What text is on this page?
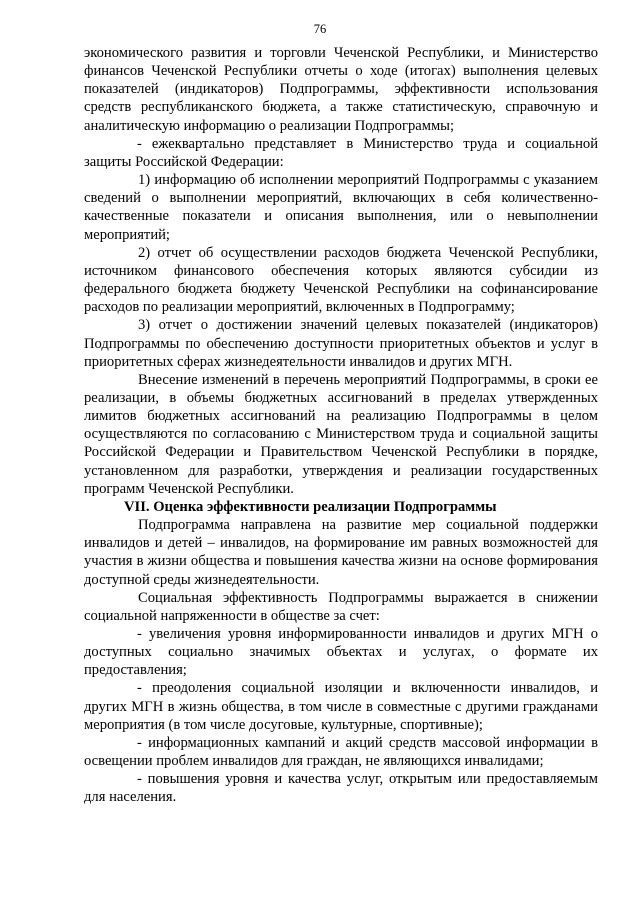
76

экономического развития и торговли Чеченской Республики, и Министерство финансов Чеченской Республики отчеты о ходе (итогах) выполнения целевых показателей (индикаторов) Подпрограммы, эффективности использования средств республиканского бюджета, а также статистическую, справочную и аналитическую информацию о реализации Подпрограммы;

- ежеквартально представляет в Министерство труда и социальной защиты Российской Федерации:

1) информацию об исполнении мероприятий Подпрограммы с указанием сведений о выполнении мероприятий, включающих в себя количественно-качественные показатели и описания выполнения, или о невыполнении мероприятий;

2) отчет об осуществлении расходов бюджета Чеченской Республики, источником финансового обеспечения которых являются субсидии из федерального бюджета бюджету Чеченской Республики на софинансирование расходов по реализации мероприятий, включенных в Подпрограмму;

3) отчет о достижении значений целевых показателей (индикаторов) Подпрограммы по обеспечению доступности приоритетных объектов и услуг в приоритетных сферах жизнедеятельности инвалидов и других МГН.

Внесение изменений в перечень мероприятий Подпрограммы, в сроки ее реализации, в объемы бюджетных ассигнований в пределах утвержденных лимитов бюджетных ассигнований на реализацию Подпрограммы в целом осуществляются по согласованию с Министерством труда и социальной защиты Российской Федерации и Правительством Чеченской Республики в порядке, установленном для разработки, утверждения и реализации государственных программ Чеченской Республики.

VII. Оценка эффективности реализации Подпрограммы

Подпрограмма направлена на развитие мер социальной поддержки инвалидов и детей – инвалидов, на формирование им равных возможностей для участия в жизни общества и повышения качества жизни на основе формирования доступной среды жизнедеятельности.

Социальная эффективность Подпрограммы выражается в снижении социальной напряженности в обществе за счет:

- увеличения уровня информированности инвалидов и других МГН о доступных социально значимых объектах и услугах, о формате их предоставления;

- преодоления социальной изоляции и включенности инвалидов, и других МГН в жизнь общества, в том числе в совместные с другими гражданами мероприятия (в том числе досуговые, культурные, спортивные);

- информационных кампаний и акций средств массовой информации в освещении проблем инвалидов для граждан, не являющихся инвалидами;

- повышения уровня и качества услуг, открытым или предоставляемым для населения.
